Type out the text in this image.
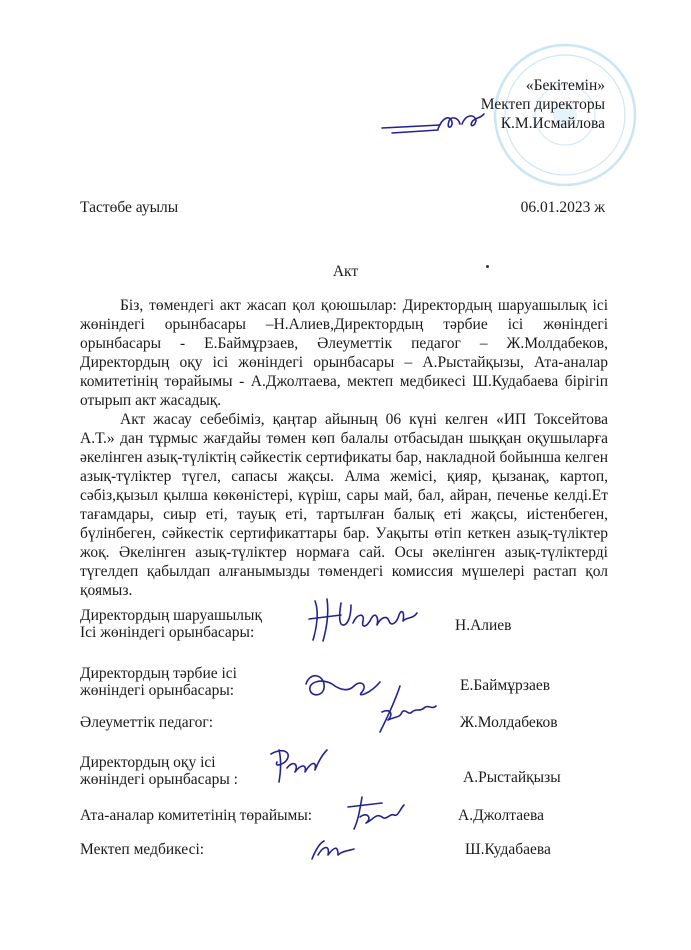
«Бекітемін»
Мектеп директоры
К.М.Исмайлова
Тастөбе ауылы	06.01.2023 ж
Акт

Біз, төмендегі акт жасап қол қоюшылар: Директордың шаруашылық ісі жөніндегі орынбасары –Н.Алиев,Директордың тәрбие ісі жөніндегі орынбасары - Е.Баймұрзаев, Әлеуметтік педагог – Ж.Молдабеков, Директордың оқу ісі жөніндегі орынбасары – А.Рыстайқызы, Ата-аналар комитетінің төрайымы - А.Джолтаева, мектеп медбикесі Ш.Кудабаева бірігіп отырып акт жасадық.

Акт жасау себебіміз, қаңтар айының 06 күні келген «ИП Токсейтова А.Т.» дан тұрмыс жағдайы төмен көп балалы отбасыдан шыққан оқушыларға әкелінген азық-түліктің сәйкестік сертификаты бар, накладной бойынша келген азық-түліктер түгел, сапасы жақсы. Алма жемісі, қияр, қызанақ, картоп, сәбіз,қызыл қылша көкөністері, күріш, сары май, бал, айран, печенье келді.Ет тағамдары, сиыр еті, тауық еті, тартылған балық еті жақсы, иістенбеген, бүлінбеген, сәйкестік сертификаттары бар. Уақыты өтіп кеткен азық-түліктер жоқ. Әкелінген азық-түліктер нормаға сай. Осы әкелінген азық-түліктерді түгелдеп қабылдап алғанымызды төмендегі комиссия мүшелері растап қол қоямыз.

Директордың шаруашылық
Ісі жөніндегі орынбасары:	Н.Алиев
Директордың тәрбие ісі
жөніндегі орынбасары:	Е.Баймұрзаев
Әлеуметтік педагог:	Ж.Молдабеков
Директордың оқу ісі
жөніндегі орынбасары :	А.Рыстайқызы
Ата-аналар комитетінің төрайымы:	А.Джолтаева
Мектеп медбикесі:	Ш.Кудабаева
